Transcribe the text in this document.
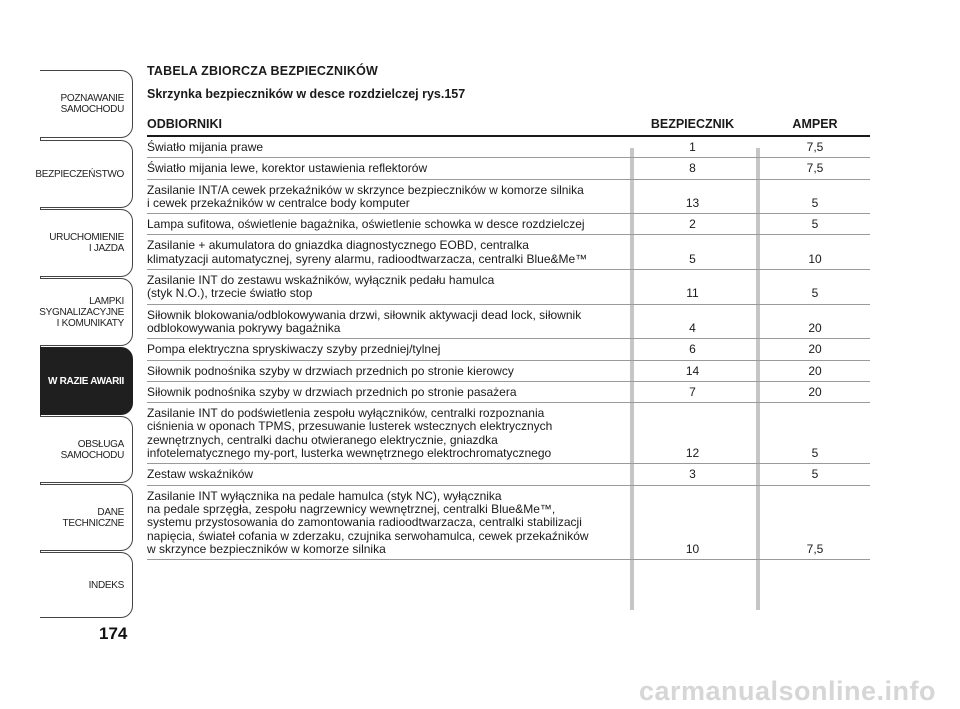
POZNAWANIE
SAMOCHODU
BEZPIECZEŃSTWO
URUCHOMIENIE
I JAZDA
LAMPKI
SYGNALIZACYJNE
I KOMUNIKATY
W RAZIE AWARII
OBSŁUGA
SAMOCHODU
DANE
TECHNICZNE
INDEKS
174
TABELA ZBIORCZA BEZPIECZNIKÓW
Skrzynka bezpieczników w desce rozdzielczej rys.157
ODBIORNIKI	BEZPIECZNIK	AMPER
Światło mijania prawe	1	7,5
Światło mijania lewe, korektor ustawienia reflektorów	8	7,5
Zasilanie INT/A cewek przekaźników w skrzynce bezpieczników w komorze silnika
i cewek przekaźników w centralce body komputer	13	5
Lampa sufitowa, oświetlenie bagażnika, oświetlenie schowka w desce rozdzielczej	2	5
Zasilanie + akumulatora do gniazdka diagnostycznego EOBD, centralka
klimatyzacji automatycznej, syreny alarmu, radioodtwarzacza, centralki Blue&Me™	5	10
Zasilanie INT do zestawu wskaźników, wyłącznik pedału hamulca
(styk N.O.), trzecie światło stop	11	5
Siłownik blokowania/odblokowywania drzwi, siłownik aktywacji dead lock, siłownik
odblokowywania pokrywy bagażnika	4	20
Pompa elektryczna spryskiwaczy szyby przedniej/tylnej	6	20
Siłownik podnośnika szyby w drzwiach przednich po stronie kierowcy	14	20
Siłownik podnośnika szyby w drzwiach przednich po stronie pasażera	7	20
Zasilanie INT do podświetlenia zespołu wyłączników, centralki rozpoznania
ciśnienia w oponach TPMS, przesuwanie lusterek wstecznych elektrycznych
zewnętrznych, centralki dachu otwieranego elektrycznie, gniazdka
infotelematycznego my-port, lusterka wewnętrznego elektrochromatycznego	12	5
Zestaw wskaźników	3	5
Zasilanie INT wyłącznika na pedale hamulca (styk NC), wyłącznika
na pedale sprzęgła, zespołu nagrzewnicy wewnętrznej, centralki Blue&Me™,
systemu przystosowania do zamontowania radioodtwarzacza, centralki stabilizacji
napięcia, świateł cofania w zderzaku, czujnika serwohamulca, cewek przekaźników
w skrzynce bezpieczników w komorze silnika	10	7,5
carmanualsonline.info
